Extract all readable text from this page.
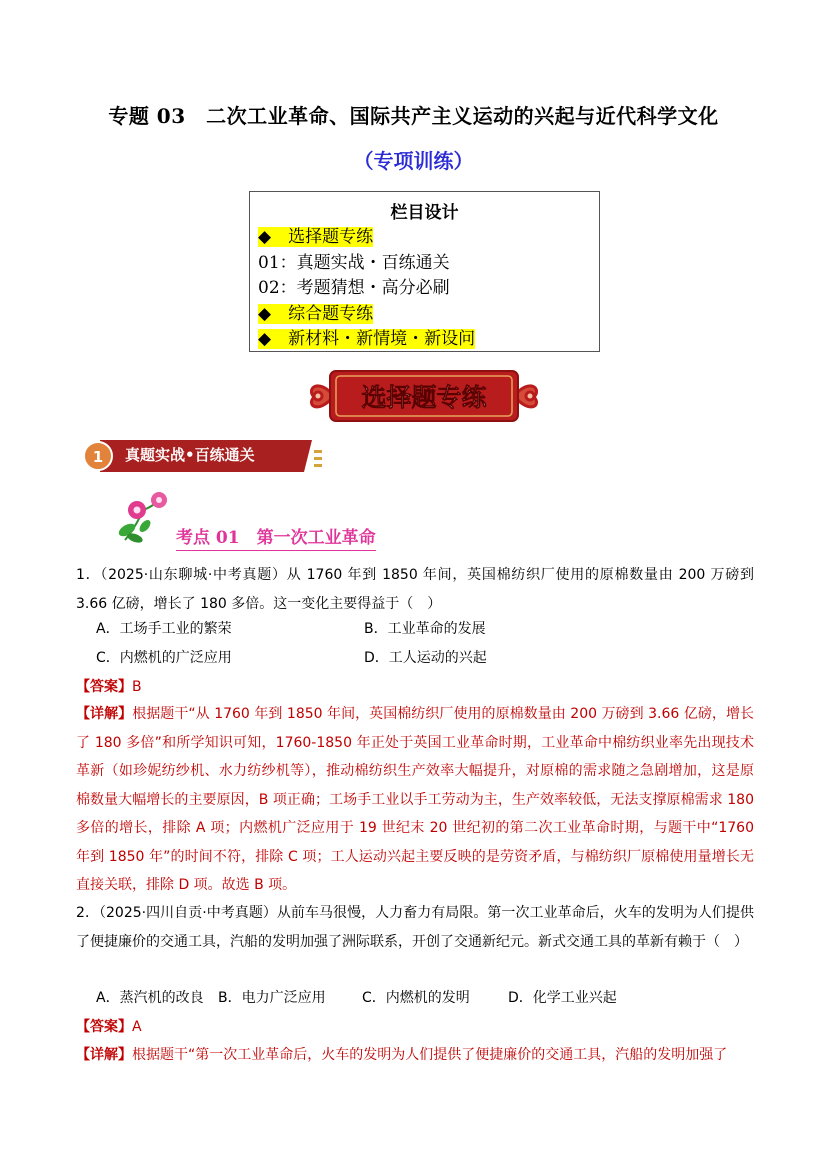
专题 03　二次工业革命、国际共产主义运动的兴起与近代科学文化
（专项训练）
栏目设计
◆　选择题专练
01：真题实战・百练通关
02：考题猜想・高分必刷
◆　综合题专练
◆　新材料・新情境・新设问
选择题专练
1 真题实战•百练通关
考点 01　第一次工业革命
1．（2025·山东聊城·中考真题）从 1760 年到 1850 年间，英国棉纺织厂使用的原棉数量由 200 万磅到 3.66 亿磅，增长了 180 多倍。这一变化主要得益于（　）
A．工场手工业的繁荣	B．工业革命的发展
C．内燃机的广泛应用	D．工人运动的兴起
【答案】B
【详解】根据题干“从 1760 年到 1850 年间，英国棉纺织厂使用的原棉数量由 200 万磅到 3.66 亿磅，增长了 180 多倍”和所学知识可知，1760-1850 年正处于英国工业革命时期，工业革命中棉纺织业率先出现技术革新（如珍妮纺纱机、水力纺纱机等），推动棉纺织生产效率大幅提升，对原棉的需求随之急剧增加，这是原棉数量大幅增长的主要原因，B 项正确；工场手工业以手工劳动为主，生产效率较低，无法支撑原棉需求 180 多倍的增长，排除 A 项；内燃机广泛应用于 19 世纪末 20 世纪初的第二次工业革命时期，与题干中“1760 年到 1850 年”的时间不符，排除 C 项；工人运动兴起主要反映的是劳资矛盾，与棉纺织厂原棉使用量增长无直接关联，排除 D 项。故选 B 项。
2．（2025·四川自贡·中考真题）从前车马很慢，人力畜力有局限。第一次工业革命后，火车的发明为人们提供了便捷廉价的交通工具，汽船的发明加强了洲际联系，开创了交通新纪元。新式交通工具的革新有赖于（　）
A．蒸汽机的改良 B．电力广泛应用	C．内燃机的发明	D．化学工业兴起
【答案】A
【详解】根据题干“第一次工业革命后，火车的发明为人们提供了便捷廉价的交通工具，汽船的发明加强了
